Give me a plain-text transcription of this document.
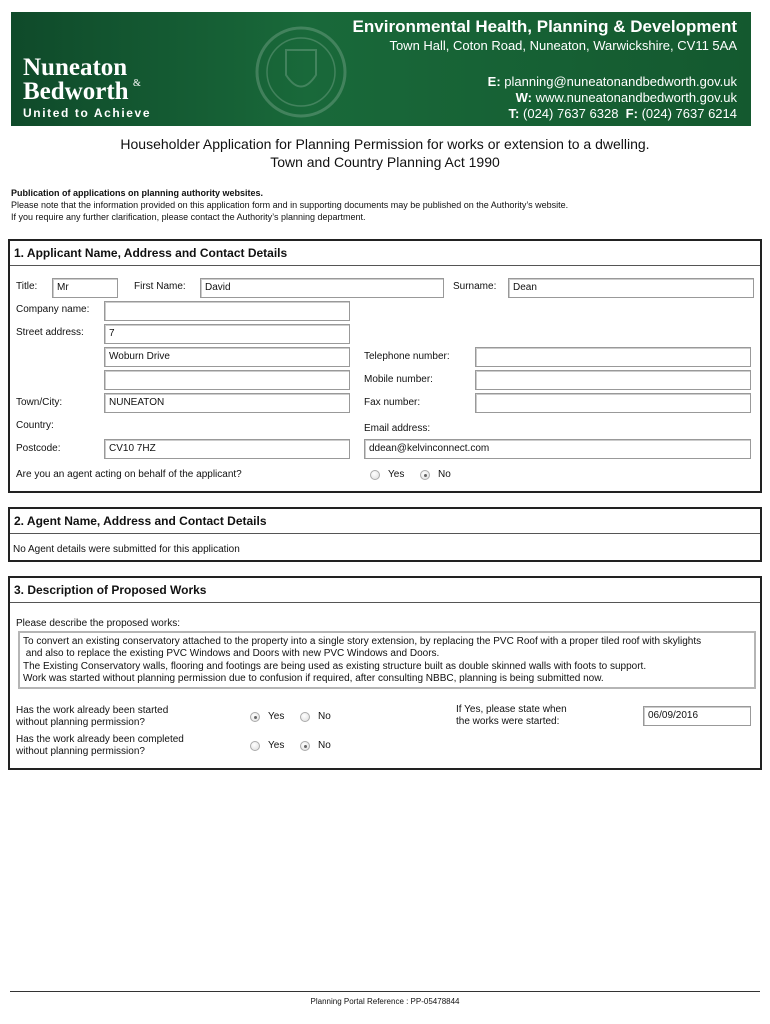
Nuneaton
&
Bedworth
United to Achieve
Environmental Health, Planning & Development
Town Hall, Coton Road, Nuneaton, Warwickshire, CV11 5AA
E: planning@nuneatonandbedworth.gov.uk
W: www.nuneatonandbedworth.gov.uk
T: (024) 7637 6328 F: (024) 7637 6214
Householder Application for Planning Permission for works or extension to a dwelling.
Town and Country Planning Act 1990
Publication of applications on planning authority websites.
Please note that the information provided on this application form and in supporting documents may be published on the Authority’s website.
If you require any further clarification, please contact the Authority’s planning department.
1. Applicant Name, Address and Contact Details
Title:	Mr	First Name:	David	Surname:	Dean
Company name:
Street address:	7
Woburn Drive
Town/City:	NUNEATON
Country:
Postcode:	CV10 7HZ
Telephone number:
Mobile number:
Fax number:
Email address:
ddean@kelvinconnect.com
Are you an agent acting on behalf of the applicant?	Yes	No
2. Agent Name, Address and Contact Details
No Agent details were submitted for this application
3. Description of Proposed Works
Please describe the proposed works:
To convert an existing conservatory attached to the property into a single story extension, by replacing the PVC Roof with a proper tiled roof with skylights
and also to replace the existing PVC Windows and Doors with new PVC Windows and Doors.
The Existing Conservatory walls, flooring and footings are being used as existing structure built as double skinned walls with foots to support.
Work was started without planning permission due to confusion if required, after consulting NBBC, planning is being submitted now.
Has the work already been started
without planning permission?
Yes	No
Has the work already been completed
without planning permission?
Yes	No
If Yes, please state when
the works were started:
06/09/2016
Planning Portal Reference : PP-05478844
